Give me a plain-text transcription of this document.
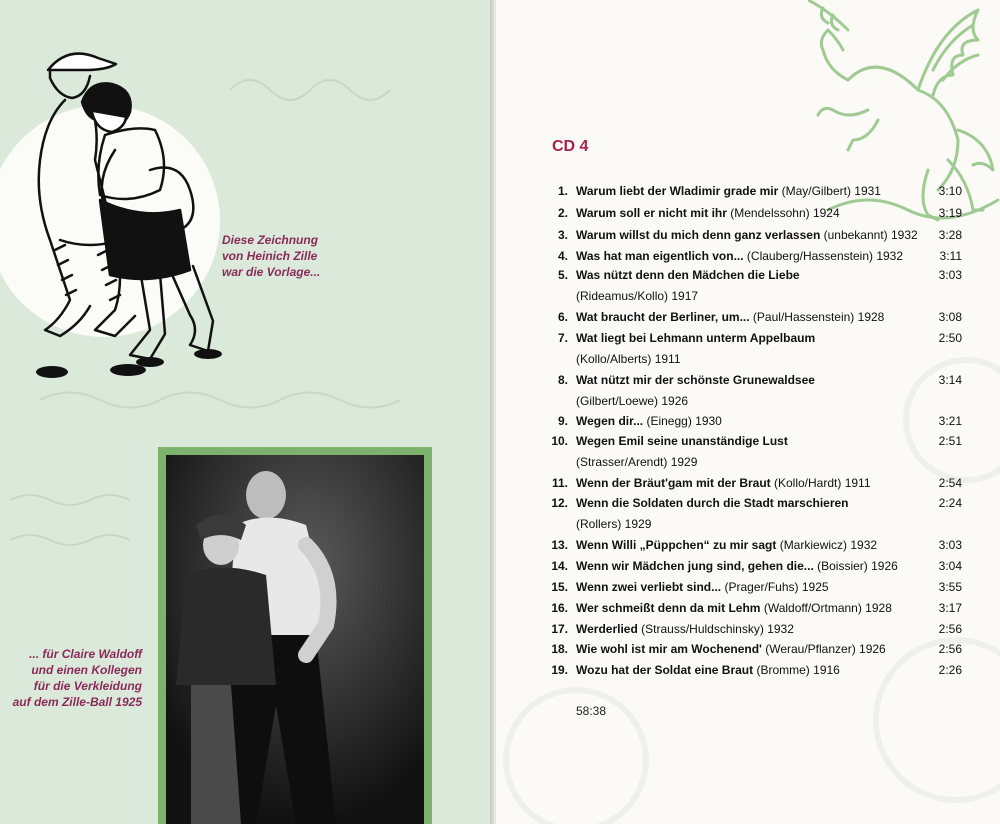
Diese Zeichnung
von Heinich Zille
war die Vorlage...
... für Claire Waldoff
und einen Kollegen
für die Verkleidung
auf dem Zille-Ball 1925
CD 4
1. Warum liebt der Wladimir grade mir (May/Gilbert) 1931	3:10
2. Warum soll er nicht mit ihr (Mendelssohn) 1924	3:19
3. Warum willst du mich denn ganz verlassen (unbekannt) 1932	3:28
4. Was hat man eigentlich von... (Clauberg/Hassenstein) 1932	3:11
5. Was nützt denn den Mädchen die Liebe
(Rideamus/Kollo) 1917
3:03
6. Wat braucht der Berliner, um... (Paul/Hassenstein) 1928	3:08
7. Wat liegt bei Lehmann unterm Appelbaum
(Kollo/Alberts) 1911
2:50
8. Wat nützt mir der schönste Grunewaldsee
(Gilbert/Loewe) 1926
3:14
9. Wegen dir... (Einegg) 1930	3:21
10. Wegen Emil seine unanständige Lust
(Strasser/Arendt) 1929
2:51
11. Wenn der Bräut'gam mit der Braut (Kollo/Hardt) 1911	2:54
12. Wenn die Soldaten durch die Stadt marschieren
(Rollers) 1929
2:24
13. Wenn Willi „Püppchen“ zu mir sagt (Markiewicz) 1932	3:03
14. Wenn wir Mädchen jung sind, gehen die... (Boissier) 1926	3:04
15. Wenn zwei verliebt sind... (Prager/Fuhs) 1925	3:55
16. Wer schmeißt denn da mit Lehm (Waldoff/Ortmann) 1928	3:17
17. Werderlied (Strauss/Huldschinsky) 1932	2:56
18. Wie wohl ist mir am Wochenend' (Werau/Pflanzer) 1926	2:56
19. Wozu hat der Soldat eine Braut (Bromme) 1916	2:26
58:38
